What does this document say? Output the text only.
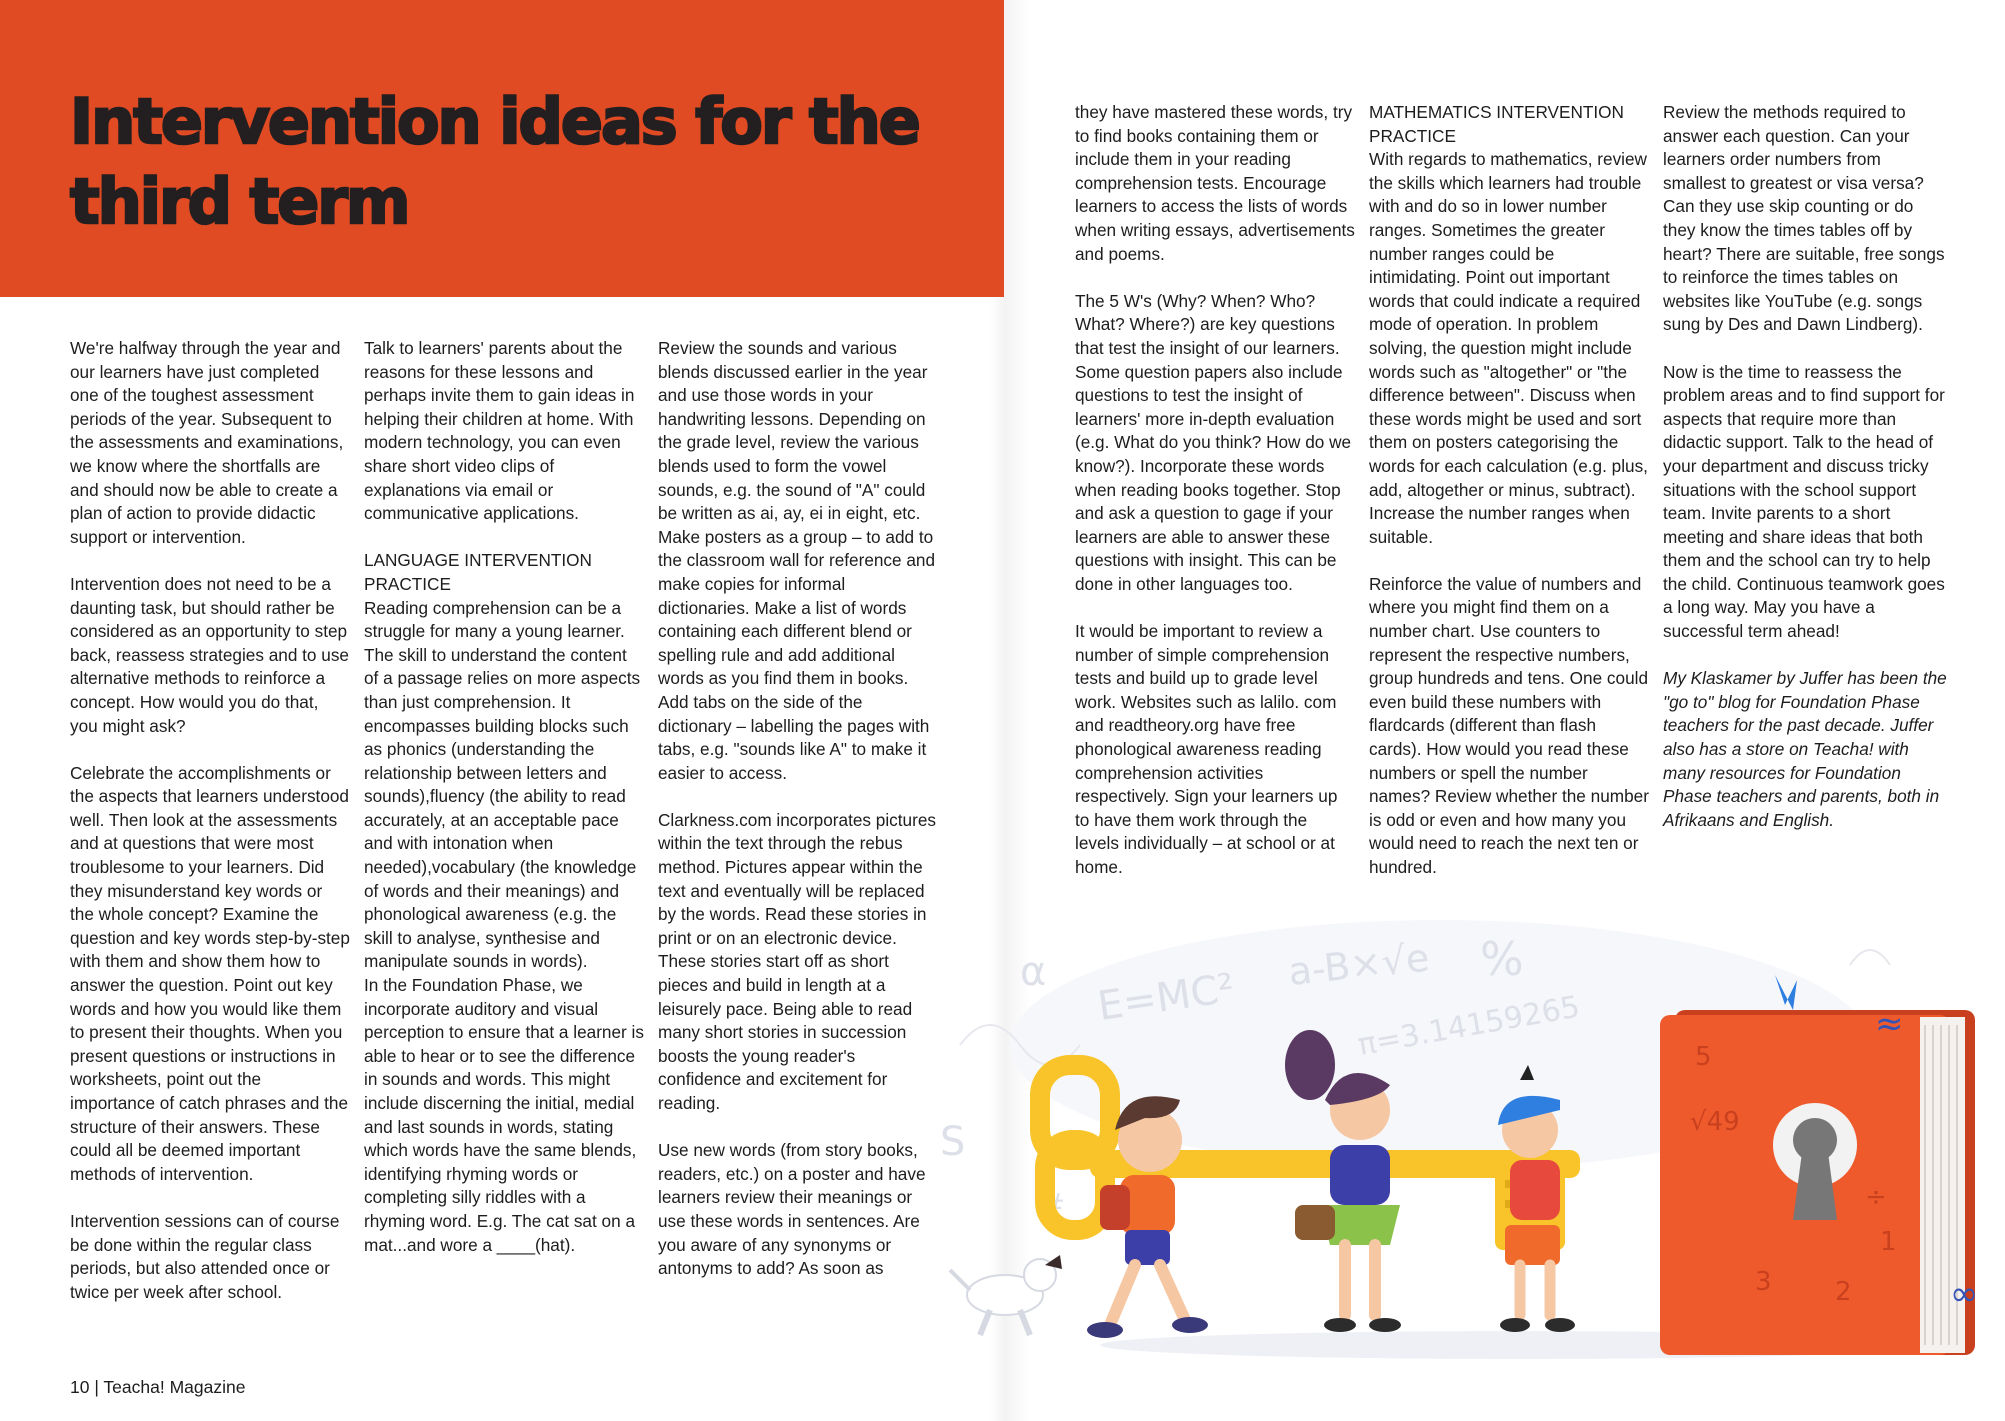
Intervention ideas for the third term

We're halfway through the year and our learners have just completed one of the toughest assessment periods of the year. Subsequent to the assessments and examinations, we know where the shortfalls are and should now be able to create a plan of action to provide didactic support or intervention.

Intervention does not need to be a daunting task, but should rather be considered as an opportunity to step back, reassess strategies and to use alternative methods to reinforce a concept. How would you do that, you might ask?

Celebrate the accomplishments or the aspects that learners understood well. Then look at the assessments and at questions that were most troublesome to your learners. Did they misunderstand key words or the whole concept? Examine the question and key words step-by-step with them and show them how to answer the question. Point out key words and how you would like them to present their thoughts. When you present questions or instructions in worksheets, point out the importance of catch phrases and the structure of their answers. These could all be deemed important methods of intervention.

Intervention sessions can of course be done within the regular class periods, but also attended once or twice per week after school.

Talk to learners' parents about the reasons for these lessons and perhaps invite them to gain ideas in helping their children at home. With modern technology, you can even share short video clips of explanations via email or communicative applications.

LANGUAGE INTERVENTION PRACTICE

Reading comprehension can be a struggle for many a young learner. The skill to understand the content of a passage relies on more aspects than just comprehension. It encompasses building blocks such as phonics (understanding the relationship between letters and sounds),fluency (the ability to read accurately, at an acceptable pace and with intonation when needed),vocabulary (the knowledge of words and their meanings) and phonological awareness (e.g. the skill to analyse, synthesise and manipulate sounds in words).

In the Foundation Phase, we incorporate auditory and visual perception to ensure that a learner is able to hear or to see the difference in sounds and words. This might include discerning the initial, medial and last sounds in words, stating which words have the same blends, identifying rhyming words or completing silly riddles with a rhyming word. E.g. The cat sat on a mat...and wore a ____(hat).

Review the sounds and various blends discussed earlier in the year and use those words in your handwriting lessons. Depending on the grade level, review the various blends used to form the vowel sounds, e.g. the sound of "A" could be written as ai, ay, ei in eight, etc. Make posters as a group – to add to the classroom wall for reference and make copies for informal dictionaries. Make a list of words containing each different blend or spelling rule and add additional words as you find them in books. Add tabs on the side of the dictionary – labelling the pages with tabs, e.g. "sounds like A" to make it easier to access.

Clarkness.com incorporates pictures within the text through the rebus method. Pictures appear within the text and eventually will be replaced by the words. Read these stories in print or on an electronic device. These stories start off as short pieces and build in length at a leisurely pace. Being able to read many short stories in succession boosts the young reader's confidence and excitement for reading.

Use new words (from story books, readers, etc.) on a poster and have learners review their meanings or use these words in sentences. Are you aware of any synonyms or antonyms to add? As soon as

they have mastered these words, try to find books containing them or include them in your reading comprehension tests. Encourage learners to access the lists of words when writing essays, advertisements and poems.

The 5 W's (Why? When? Who? What? Where?) are key questions that test the insight of our learners. Some question papers also include questions to test the insight of learners' more in-depth evaluation (e.g. What do you think? How do we know?). Incorporate these words when reading books together. Stop and ask a question to gage if your learners are able to answer these questions with insight. This can be done in other languages too.

It would be important to review a number of simple comprehension tests and build up to grade level work. Websites such as lalilo. com and readtheory.org have free phonological awareness reading comprehension activities respectively. Sign your learners up to have them work through the levels individually – at school or at home.

MATHEMATICS INTERVENTION PRACTICE

With regards to mathematics, review the skills which learners had trouble with and do so in lower number ranges. Sometimes the greater number ranges could be intimidating. Point out important words that could indicate a required mode of operation. In problem solving, the question might include words such as "altogether" or "the difference between". Discuss when these words might be used and sort them on posters categorising the words for each calculation (e.g. plus, add, altogether or minus, subtract). Increase the number ranges when suitable.

Reinforce the value of numbers and where you might find them on a number chart. Use counters to represent the respective numbers, group hundreds and tens. One could even build these numbers with flardcards (different than flash cards). How would you read these numbers or spell the number names? Review whether the number is odd or even and how many you would need to reach the next ten or hundred.

Review the methods required to answer each question. Can your learners order numbers from smallest to greatest or visa versa? Can they use skip counting or do they know the times tables off by heart? There are suitable, free songs to reinforce the times tables on websites like YouTube (e.g. songs sung by Des and Dawn Lindberg).

Now is the time to reassess the problem areas and to find support for aspects that require more than didactic support. Talk to the head of your department and discuss tricky situations with the school support team. Invite parents to a short meeting and share ideas that both them and the school can try to help the child. Continuous teamwork goes a long way. May you have a successful term ahead!

My Klaskamer by Juffer has been the "go to" blog for Foundation Phase teachers for the past decade. Juffer also has a store on Teacha! with many resources for Foundation Phase teachers and parents, both in Afrikaans and English.

E=MC²
a-B×√e
π=3.14159265
%
α
#
S
5
√49
1
2
3
÷
≈
∞
10 | Teacha! Magazine
